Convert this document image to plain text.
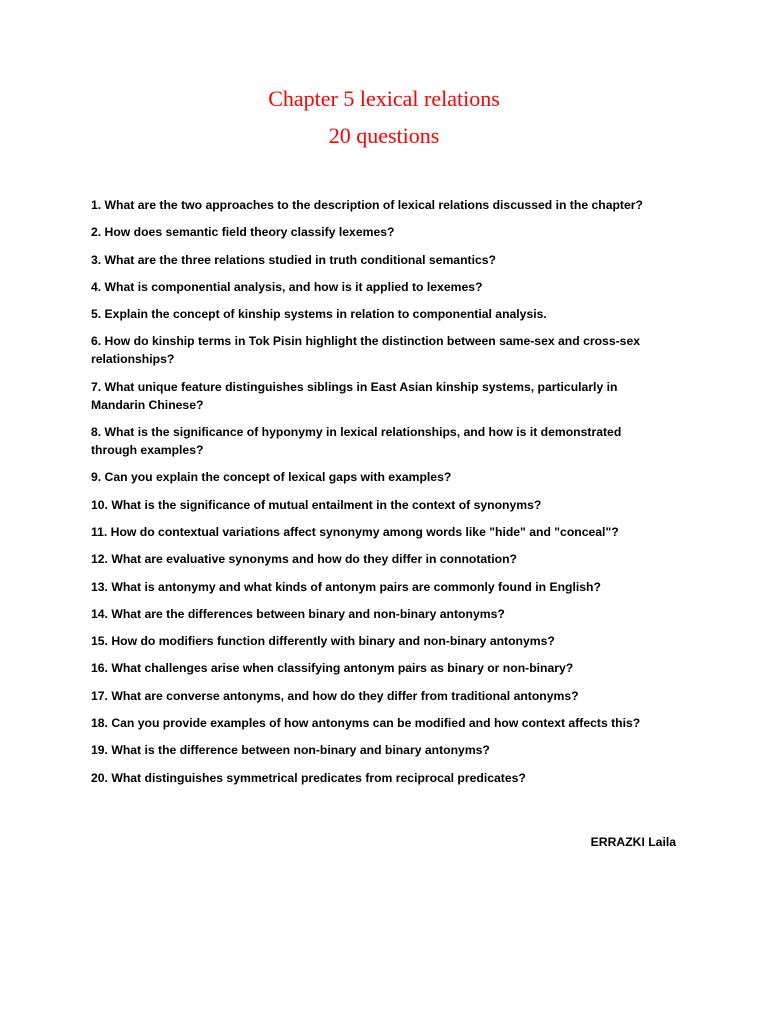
Chapter 5 lexical relations
20 questions
1. What are the two approaches to the description of lexical relations discussed in the chapter?
2. How does semantic field theory classify lexemes?
3. What are the three relations studied in truth conditional semantics?
4. What is componential analysis, and how is it applied to lexemes?
5. Explain the concept of kinship systems in relation to componential analysis.
6. How do kinship terms in Tok Pisin highlight the distinction between same-sex and cross-sex relationships?
7. What unique feature distinguishes siblings in East Asian kinship systems, particularly in Mandarin Chinese?
8. What is the significance of hyponymy in lexical relationships, and how is it demonstrated through examples?
9. Can you explain the concept of lexical gaps with examples?
10. What is the significance of mutual entailment in the context of synonyms?
11. How do contextual variations affect synonymy among words like "hide" and "conceal"?
12. What are evaluative synonyms and how do they differ in connotation?
13. What is antonymy and what kinds of antonym pairs are commonly found in English?
14. What are the differences between binary and non-binary antonyms?
15. How do modifiers function differently with binary and non-binary antonyms?
16. What challenges arise when classifying antonym pairs as binary or non-binary?
17. What are converse antonyms, and how do they differ from traditional antonyms?
18. Can you provide examples of how antonyms can be modified and how context affects this?
19. What is the difference between non-binary and binary antonyms?
20. What distinguishes symmetrical predicates from reciprocal predicates?
ERRAZKI Laila
